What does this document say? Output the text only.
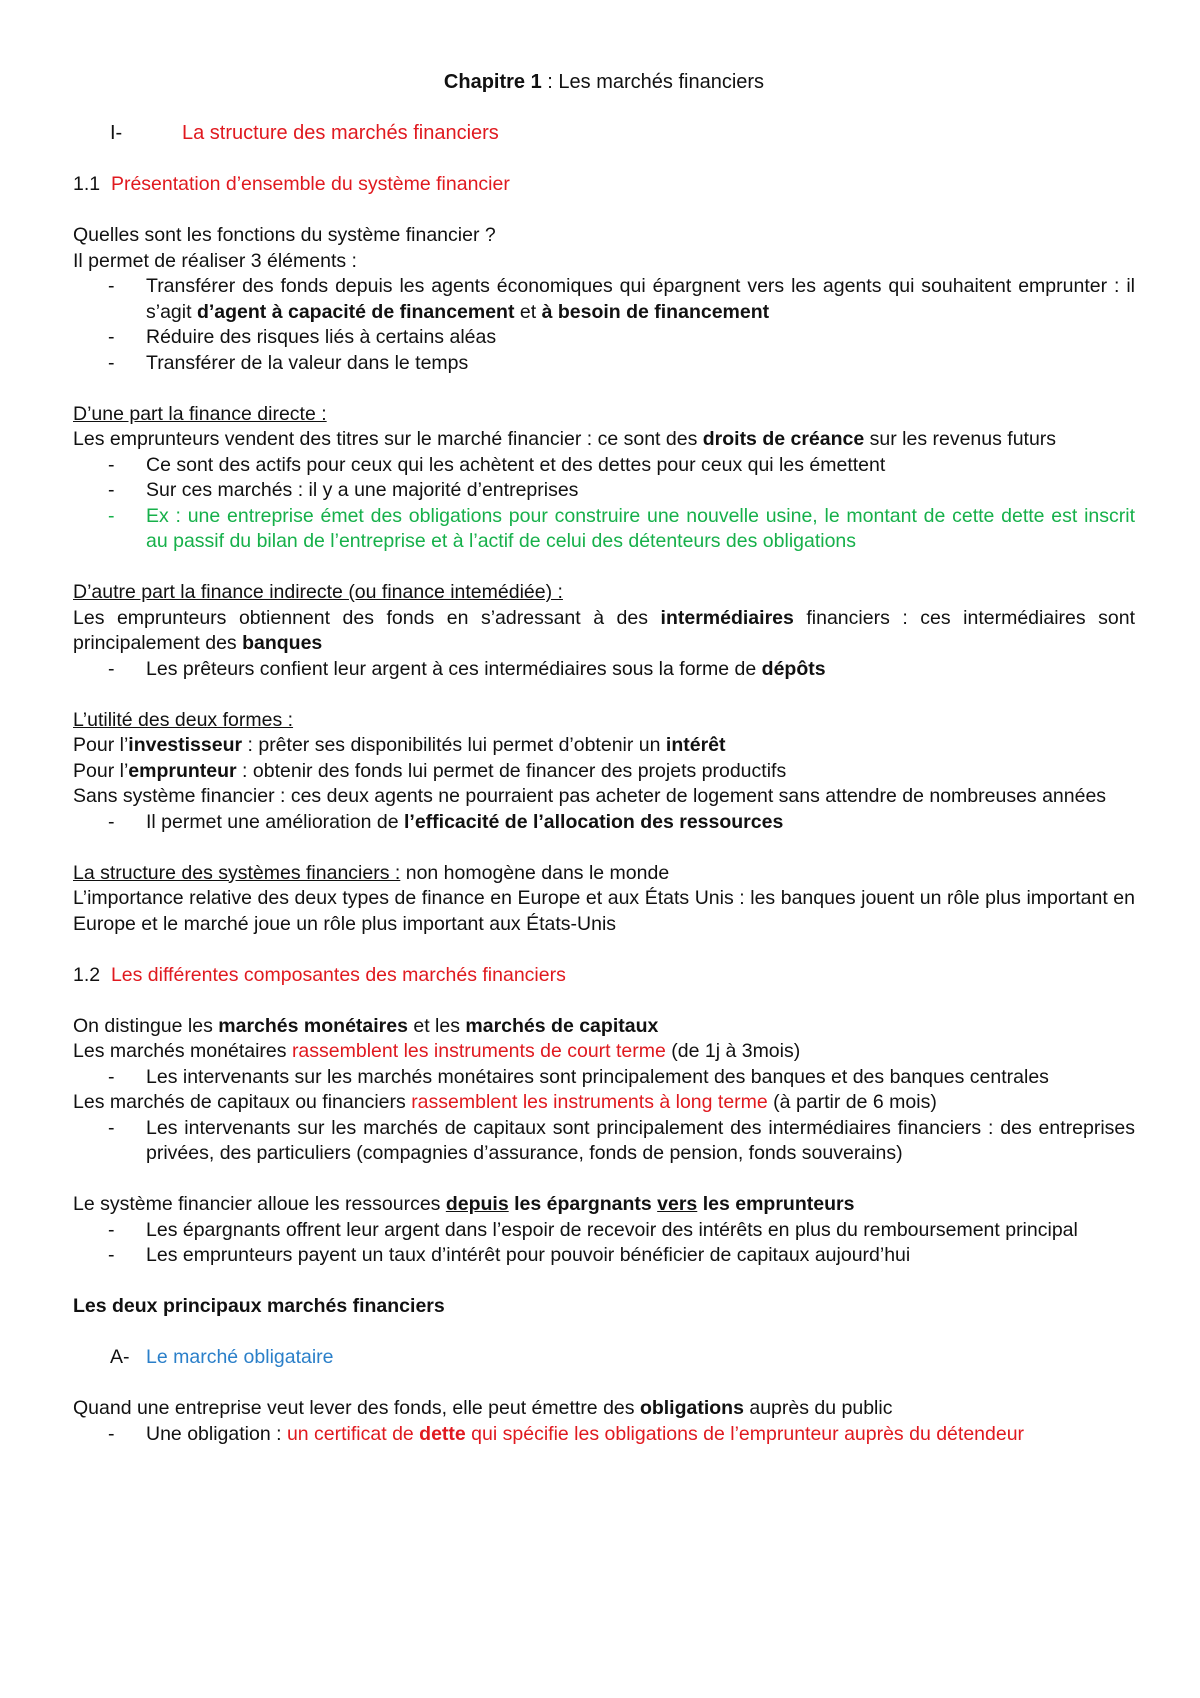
Chapitre 1 : Les marchés financiers

I-	La structure des marchés financiers

1.1 Présentation d’ensemble du système financier

Quelles sont les fonctions du système financier ?

Il permet de réaliser 3 éléments :

- Transférer des fonds depuis les agents économiques qui épargnent vers les agents qui souhaitent emprunter : il s’agit d’agent à capacité de financement et à besoin de financement

- Réduire des risques liés à certains aléas

- Transférer de la valeur dans le temps

D’une part la finance directe :

Les emprunteurs vendent des titres sur le marché financier : ce sont des droits de créance sur les revenus futurs

- Ce sont des actifs pour ceux qui les achètent et des dettes pour ceux qui les émettent

- Sur ces marchés : il y a une majorité d’entreprises

- Ex : une entreprise émet des obligations pour construire une nouvelle usine, le montant de cette dette est inscrit au passif du bilan de l’entreprise et à l’actif de celui des détenteurs des obligations

D’autre part la finance indirecte (ou finance intemédiée) :

Les emprunteurs obtiennent des fonds en s’adressant à des intermédiaires financiers : ces intermédiaires sont principalement des banques

- Les prêteurs confient leur argent à ces intermédiaires sous la forme de dépôts

L’utilité des deux formes :

Pour l’investisseur : prêter ses disponibilités lui permet d’obtenir un intérêt

Pour l’emprunteur : obtenir des fonds lui permet de financer des projets productifs

Sans système financier : ces deux agents ne pourraient pas acheter de logement sans attendre de nombreuses années

- Il permet une amélioration de l’efficacité de l’allocation des ressources

La structure des systèmes financiers : non homogène dans le monde

L’importance relative des deux types de finance en Europe et aux États Unis : les banques jouent un rôle plus important en Europe et le marché joue un rôle plus important aux États-Unis

1.2 Les différentes composantes des marchés financiers

On distingue les marchés monétaires et les marchés de capitaux

Les marchés monétaires rassemblent les instruments de court terme (de 1j à 3mois)

- Les intervenants sur les marchés monétaires sont principalement des banques et des banques centrales

Les marchés de capitaux ou financiers rassemblent les instruments à long terme (à partir de 6 mois)

- Les intervenants sur les marchés de capitaux sont principalement des intermédiaires financiers : des entreprises privées, des particuliers (compagnies d’assurance, fonds de pension, fonds souverains)

Le système financier alloue les ressources depuis les épargnants vers les emprunteurs

- Les épargnants offrent leur argent dans l’espoir de recevoir des intérêts en plus du remboursement principal

- Les emprunteurs payent un taux d’intérêt pour pouvoir bénéficier de capitaux aujourd’hui

Les deux principaux marchés financiers

A- Le marché obligataire

Quand une entreprise veut lever des fonds, elle peut émettre des obligations auprès du public

- Une obligation : un certificat de dette qui spécifie les obligations de l’emprunteur auprès du détendeur
